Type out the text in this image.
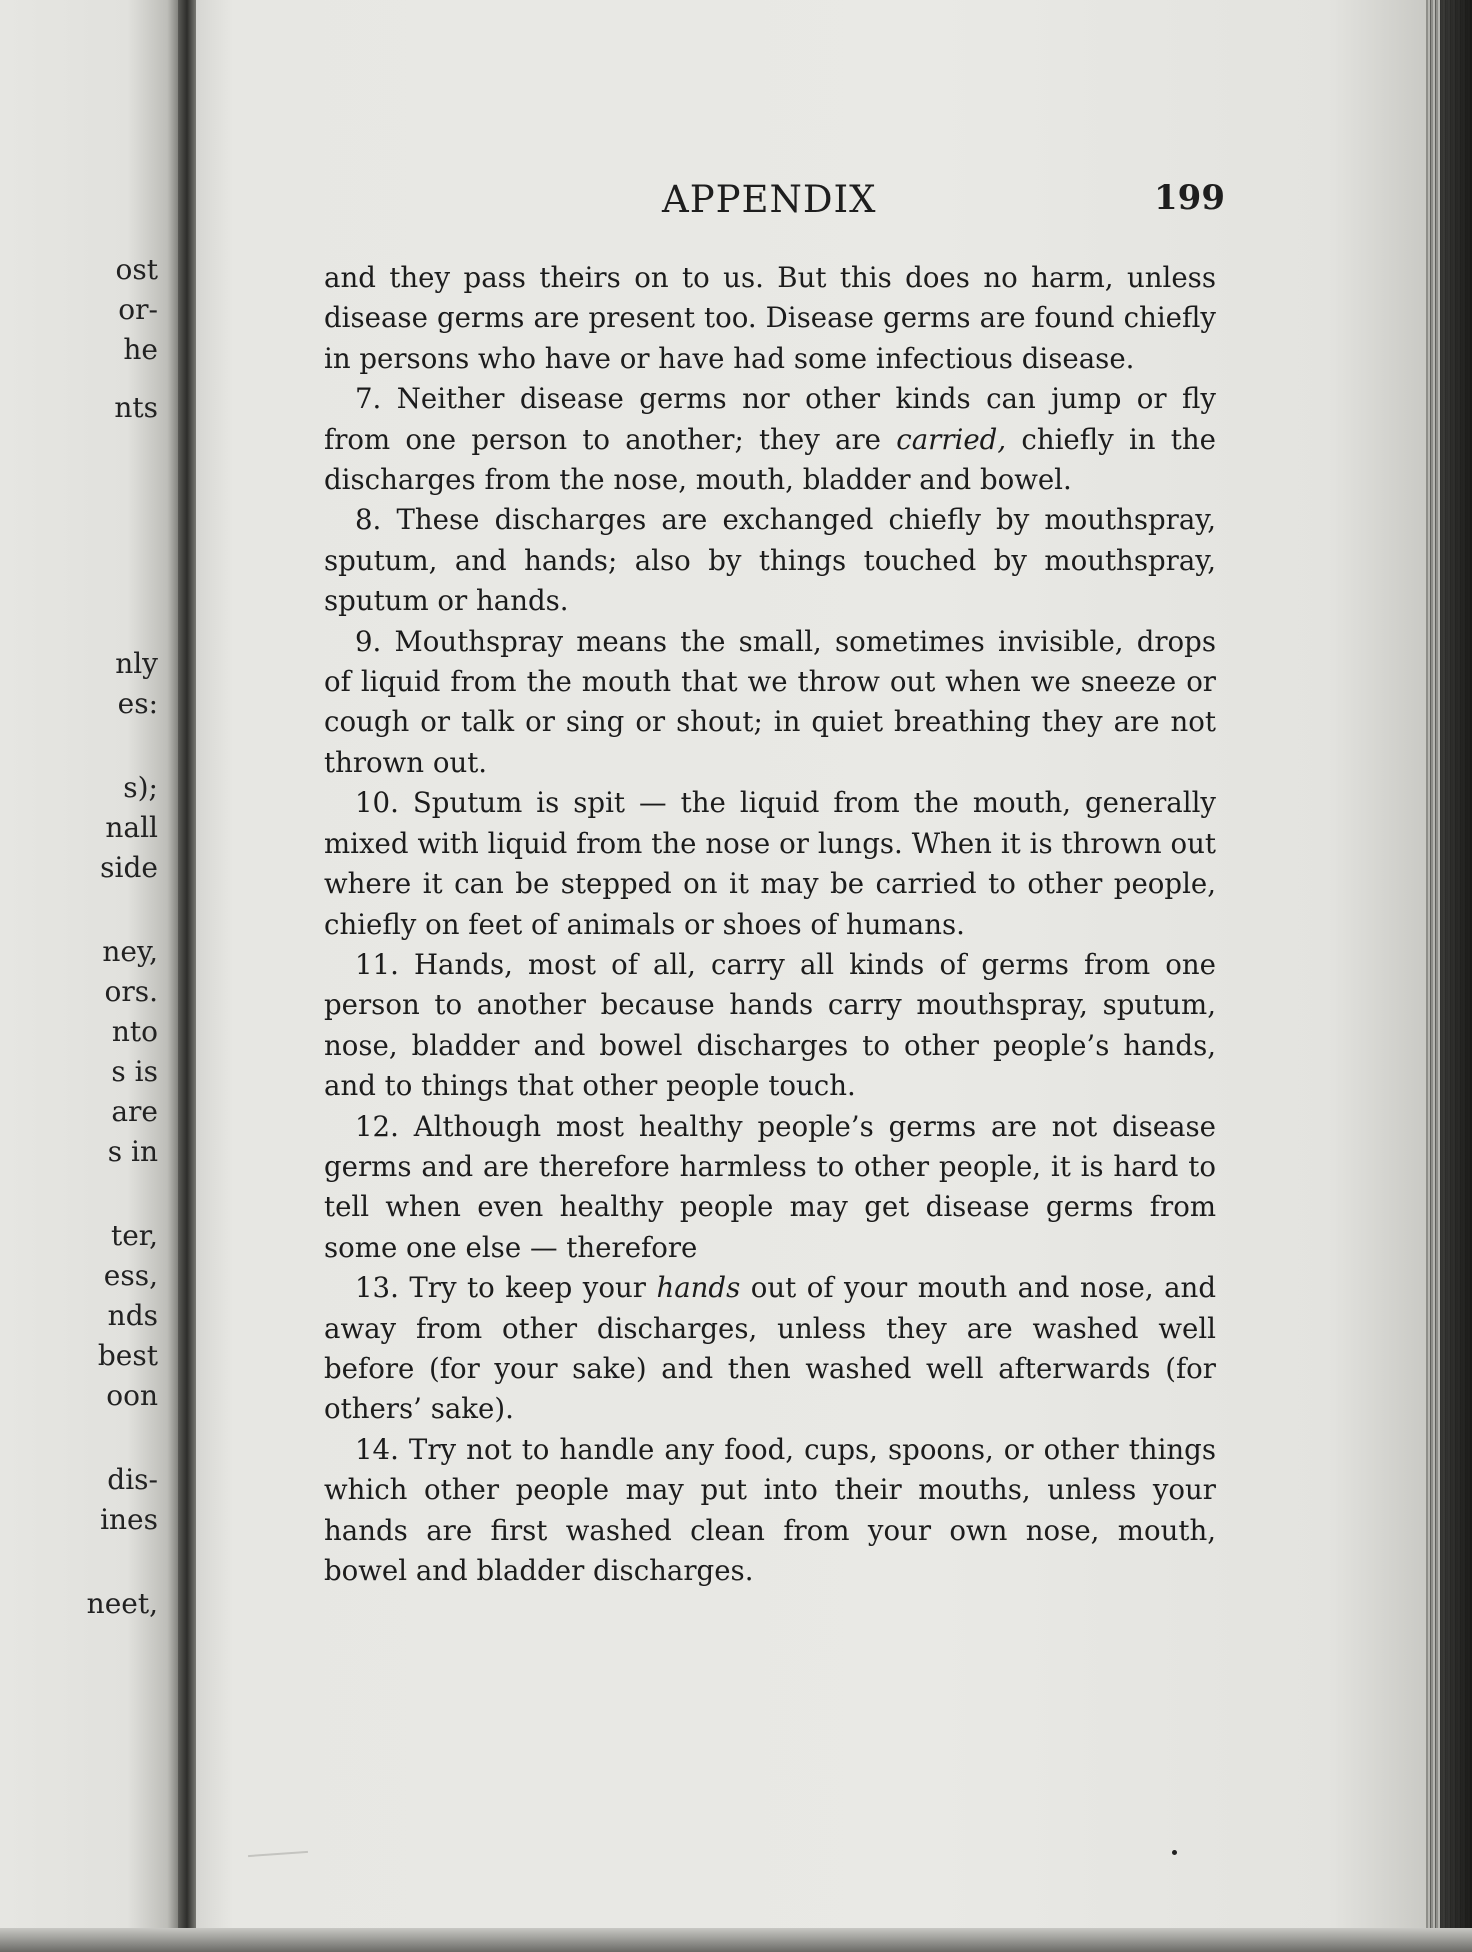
ost
or-
he
nts
nly
es:
s);
nall
side
ney,
ors.
nto
s is
are
s in
ter,
ess,
nds
best
oon
dis-
ines
neet,
APPENDIX	199

and they pass theirs on to us. But this does no harm, unless disease germs are present too. Disease germs are found chiefly in persons who have or have had some infectious disease.

7. Neither disease germs nor other kinds can jump or fly from one person to another; they are carried, chiefly in the discharges from the nose, mouth, bladder and bowel.

8. These discharges are exchanged chiefly by mouthspray, sputum, and hands; also by things touched by mouthspray, sputum or hands.

9. Mouthspray means the small, sometimes invisible, drops of liquid from the mouth that we throw out when we sneeze or cough or talk or sing or shout; in quiet breathing they are not thrown out.

10. Sputum is spit — the liquid from the mouth, generally mixed with liquid from the nose or lungs. When it is thrown out where it can be stepped on it may be carried to other people, chiefly on feet of animals or shoes of humans.

11. Hands, most of all, carry all kinds of germs from one person to another because hands carry mouthspray, sputum, nose, bladder and bowel discharges to other people’s hands, and to things that other people touch.

12. Although most healthy people’s germs are not disease germs and are therefore harmless to other people, it is hard to tell when even healthy people may get disease germs from some one else — therefore

13. Try to keep your hands out of your mouth and nose, and away from other discharges, unless they are washed well before (for your sake) and then washed well afterwards (for others’ sake).

14. Try not to handle any food, cups, spoons, or other things which other people may put into their mouths, unless your hands are first washed clean from your own nose, mouth, bowel and bladder discharges.
